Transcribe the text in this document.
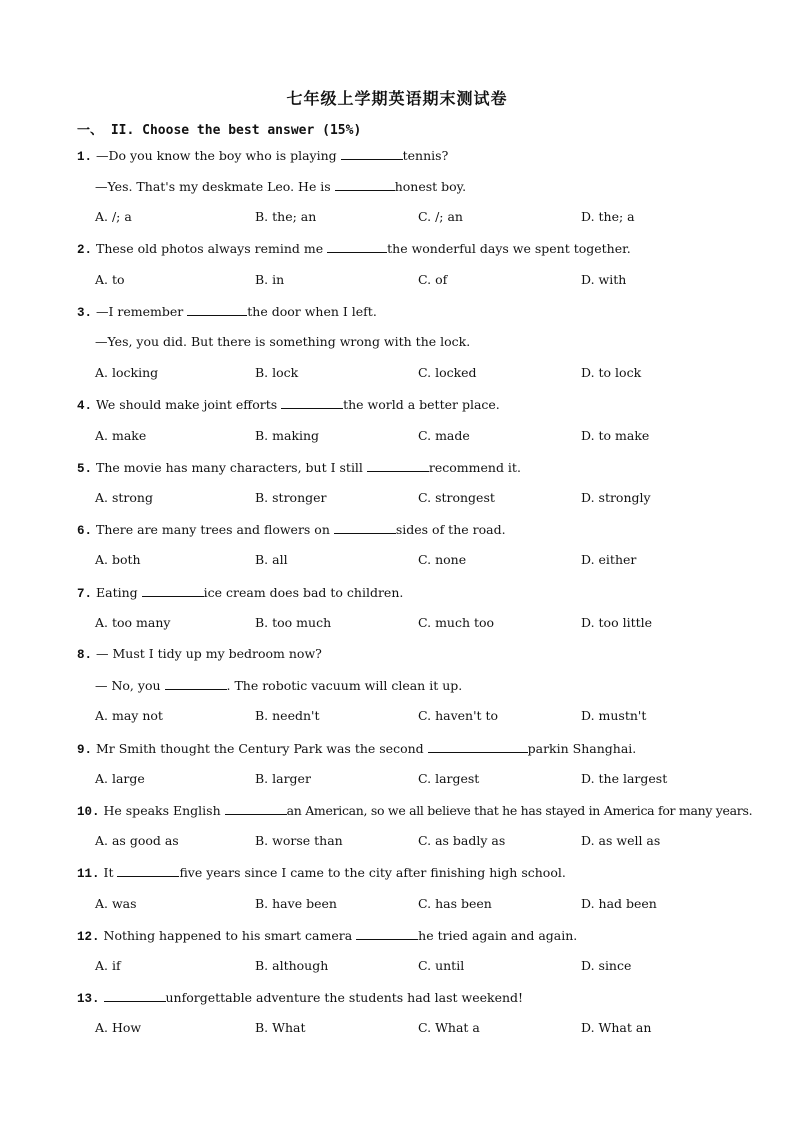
七年级上学期英语期末测试卷
一、 II. Choose the best answer (15%)
1. —Do you know the boy who is playing	tennis?
—Yes. That's my deskmate Leo. He is	honest boy.
A. /; a	B. the; an	C. /; an	D. the; a
2. These old photos always remind me	the wonderful days we spent together.
A. to	B. in	C. of	D. with
3. —I remember	the door when I left.
—Yes, you did. But there is something wrong with the lock.
A. locking	B. lock	C. locked	D. to lock
4. We should make joint efforts	the world a better place.
A. make	B. making	C. made	D. to make
5. The movie has many characters, but I still	recommend it.
A. strong	B. stronger	C. strongest	D. strongly
6. There are many trees and flowers on	sides of the road.
A. both	B. all	C. none	D. either
7. Eating	ice cream does bad to children.
A. too many	B. too much	C. much too	D. too little
8. — Must I tidy up my bedroom now?
— No, you	. The robotic vacuum will clean it up.
A. may not	B. needn't	C. haven't to	D. mustn't
9. Mr Smith thought the Century Park was the second	parkin Shanghai.
A. large	B. larger	C. largest	D. the largest
10. He speaks English	an American, so we all believe that he has stayed in America for many years.
A. as good as	B. worse than	C. as badly as	D. as well as
11. It	five years since I came to the city after finishing high school.
A. was	B. have been	C. has been	D. had been
12. Nothing happened to his smart camera	he tried again and again.
A. if	B. although	C. until	D. since
13.	unforgettable adventure the students had last weekend!
A. How	B. What	C. What a	D. What an
